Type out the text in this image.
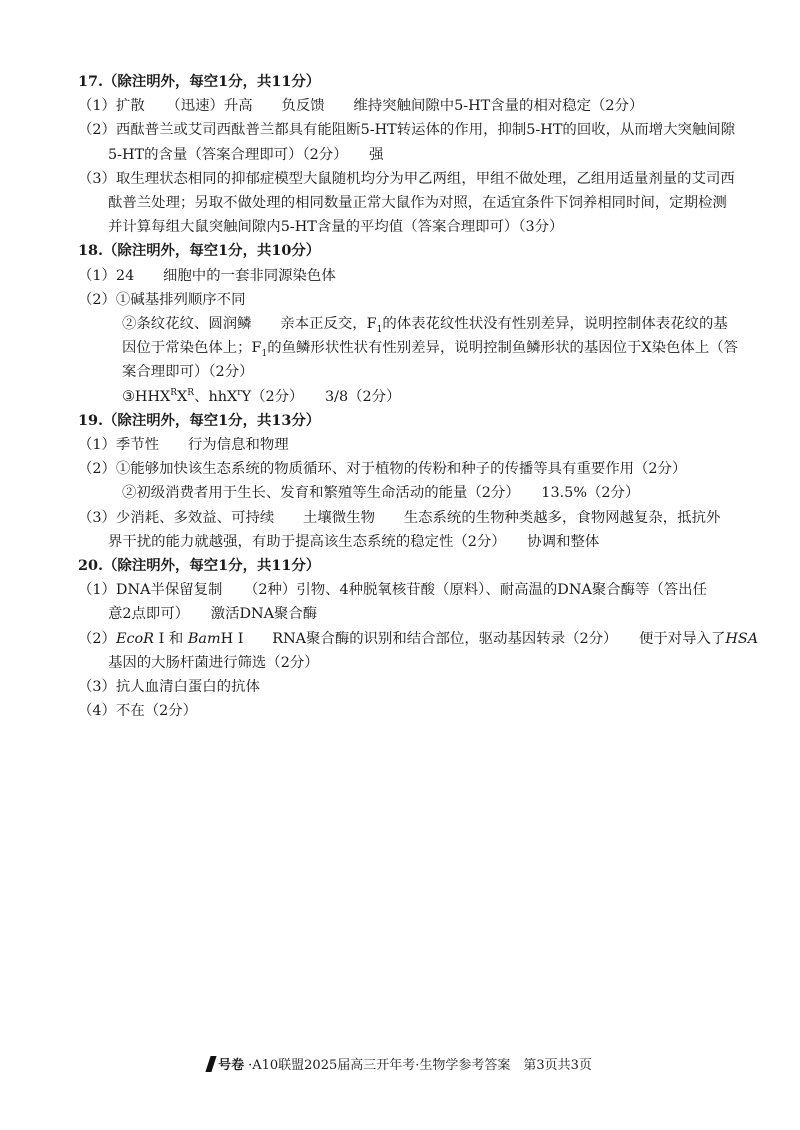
17.（除注明外，每空1分，共11分）
（1）扩散　　（迅速）升高　　负反馈　　维持突触间隙中5-HT含量的相对稳定（2分）
（2）西酞普兰或艾司西酞普兰都具有能阻断5-HT转运体的作用，抑制5-HT的回收，从而增大突触间隙
5-HT的含量（答案合理即可）（2分）　　强
（3）取生理状态相同的抑郁症模型大鼠随机均分为甲乙两组，甲组不做处理，乙组用适量剂量的艾司西
酞普兰处理；另取不做处理的相同数量正常大鼠作为对照，在适宜条件下饲养相同时间，定期检测
并计算每组大鼠突触间隙内5-HT含量的平均值（答案合理即可）（3分）
18.（除注明外，每空1分，共10分）
（1）24　　细胞中的一套非同源染色体
（2）①碱基排列顺序不同
②条纹花纹、圆润鳞　　亲本正反交，$F_1$的体表花纹性状没有性别差异，说明控制体表花纹的基
因位于常染色体上；$F_1$的鱼鳞形状性状有性别差异，说明控制鱼鳞形状的基因位于X染色体上（答
案合理即可）（2分）
$③HHX^RX^R$、hhX$^r$Y（2分）　　3/8（2分）
19.（除注明外，每空1分，共13分）
（1）季节性　　行为信息和物理
（2）①能够加快该生态系统的物质循环、对于植物的传粉和种子的传播等具有重要作用（2分）
②初级消费者用于生长、发育和繁殖等生命活动的能量（2分）　　13.5%（2分）
（3）少消耗、多效益、可持续　　土壤微生物　　生态系统的生物种类越多，食物网越复杂，抵抗外
界干扰的能力就越强，有助于提高该生态系统的稳定性（2分）　　协调和整体
20.（除注明外，每空1分，共11分）
（1）DNA半保留复制　　（2种）引物、4种脱氧核苷酸（原料）、耐高温的DNA聚合酶等（答出任
意2点即可）　　激活DNA聚合酶
（2）EcoR I 和 BamH I　　RNA聚合酶的识别和结合部位，驱动基因转录（2分）　　便于对导入了HSA
基因的大肠杆菌进行筛选（2分）
（3）抗人血清白蛋白的抗体
（4）不在（2分）
号卷 ·A10联盟2025届高三开年考·生物学参考答案　第3页共3页
